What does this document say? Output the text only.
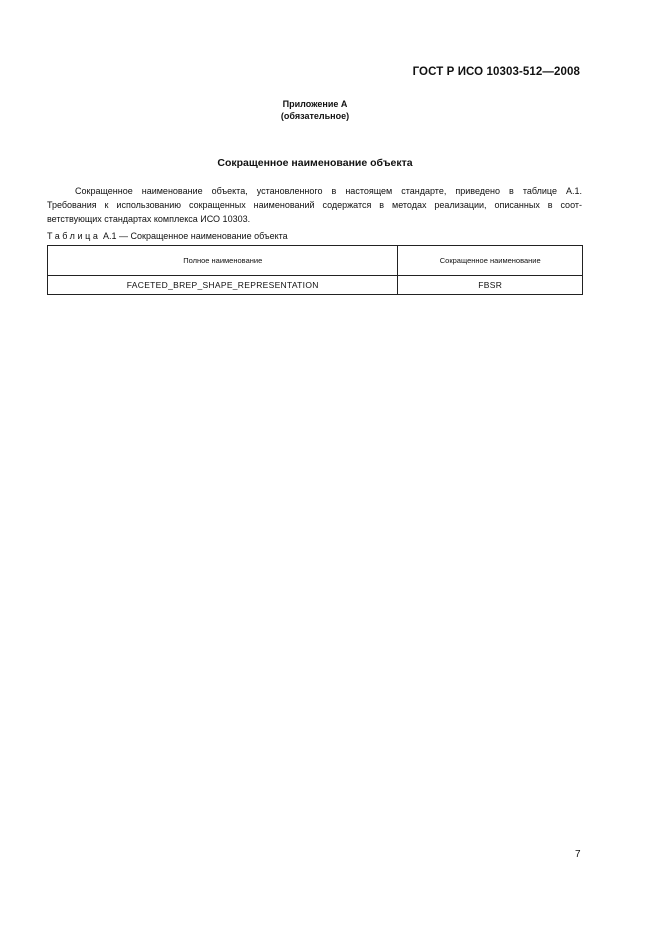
ГОСТ Р ИСО 10303-512—2008
Приложение А
(обязательное)
Сокращенное наименование объекта
Сокращенное наименование объекта, установленного в настоящем стандарте, приведено в таблице А.1.
Требования к использованию сокращенных наименований содержатся в методах реализации, описанных в соот-
ветствующих стандартах комплекса ИСО 10303.
Таблица А.1 — Сокращенное наименование объекта
Полное наименование	Сокращенное наименование
FACETED_BREP_SHAPE_REPRESENTATION	FBSR
7
